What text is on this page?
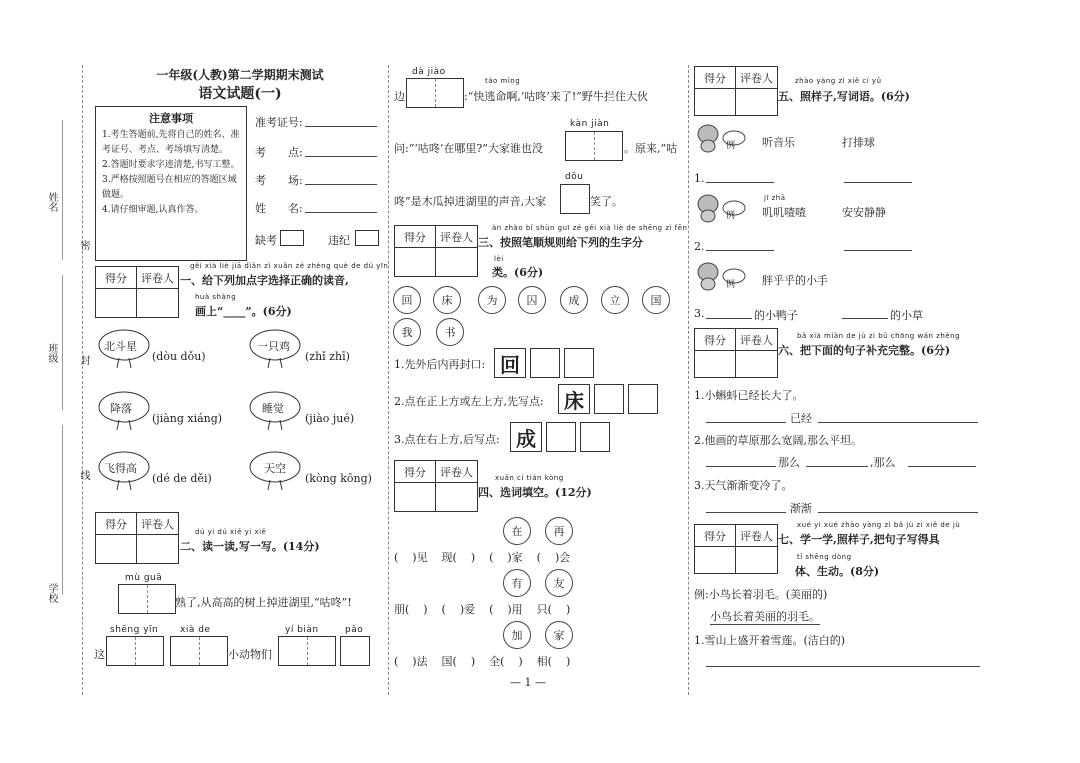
姓名
班级
学校
密
封
线
一年级(人教)第二学期期末测试
语文试题(一)
注意事项
1.考生答题前,先将自己的姓名、准考证号、考点、考场填写清楚。
2.答题时要求字迹清楚,书写工整。
3.严格按照题号在相应的答题区域做题。
4.请仔细审题,认真作答。
准考证号:
考　　点:
考　　场:
姓　　名:
缺考	违纪
得分	评卷人
gěi xià liè jiā diǎn zì xuǎn zé zhèng què de dú yīn
一、给下列加点字选择正确的读音,
huà shàng
画上“____”。(6分)
北斗星
(dòu dǒu)
一只鸡
(zhǐ zhī)
降落
(jiàng xiáng)
睡觉
(jiào jué)
飞得高
(dé de děi)
天空
(kòng kōng)
得分	评卷人
dú yi dú xiě yi xiě
二、读一读,写一写。(14分)
mù guā
熟了,从高高的树上掉进湖里,“咕咚”!
shēng yīn xià de	yí biàn	pǎo
这	小动物们
dà jiào
táo mìng
边	:“快逃命啊,‘咕咚’来了!”野牛拦住大伙
kàn jiàn
问:“‘咕咚’在哪里?”大家谁也没	。原来,“咕
dōu
咚”是木瓜掉进湖里的声音,大家	笑了。
得分	评卷人
àn zhào bǐ shùn guī zé gěi xià liè de shēng zì fēn
三、按照笔顺规则给下列的生字分
lèi
类。(6分)
回	床	为	囚	成	立	国
我	书
1.先外后内再封口: 回
2.点在正上方或左上方,先写点: 床
3.点在右上方,后写点: 成
得分	评卷人	xuǎn cí tián kòng
四、选词填空。(12分)
在	再
(    )见    现(    )    (    )家    (    )会
有	友
朋(    )    (    )爱    (    )用    只(    )
加	家
(    )法    国(    )    全(    )    相(    )
— 1 —
得分	评卷人	zhào yàng zi xiě cí yǔ
五、照样子,写词语。(6分)
例 听音乐	打排球
1.
例
jī zhā
叽叽喳喳	安安静静
2.
例 胖乎乎的小手
3.	的小鸭子	的小草
得分	评卷人	bǎ xià miàn de jù zi bǔ chōng wán zhěng
六、把下面的句子补充完整。(6分)
1.小蝌蚪已经长大了。
已经
2.他画的草原那么宽阔,那么平坦。
那么	,那么
3.天气渐渐变冷了。
渐渐
得分	评卷人
xué yi xué zhào yàng zi bǎ jù zi xiě de jù
七、学一学,照样子,把句子写得具
tǐ shēng dòng
体、生动。(8分)
例:小鸟长着羽毛。(美丽的)
小鸟长着美丽的羽毛。
1.雪山上盛开着雪莲。(洁白的)
